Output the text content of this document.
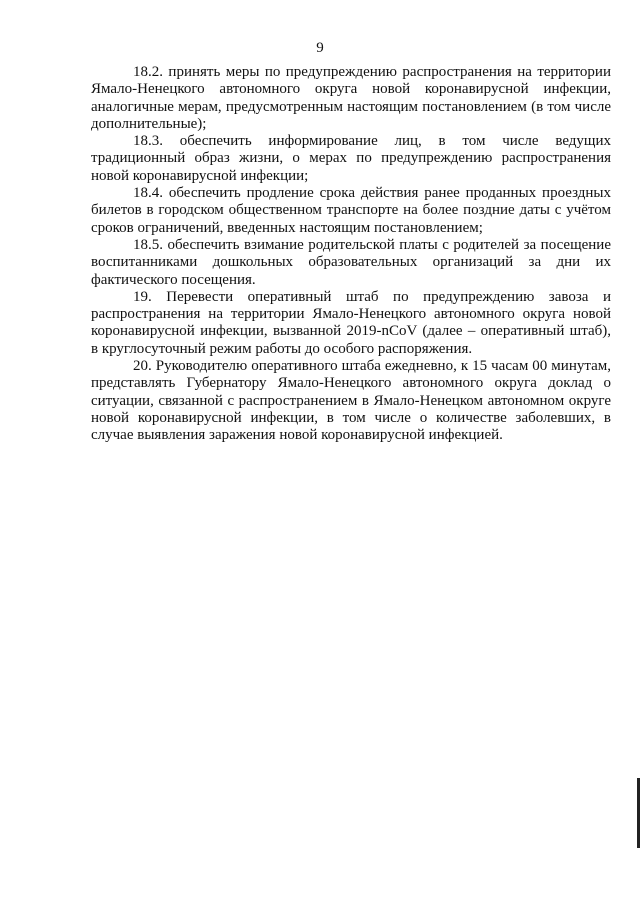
9

18.2. принять меры по предупреждению распространения на территории Ямало-Ненецкого автономного округа новой коронавирусной инфекции, аналогичные мерам, предусмотренным настоящим постановлением (в том числе дополнительные);

18.3. обеспечить информирование лиц, в том числе ведущих традиционный образ жизни, о мерах по предупреждению распространения новой коронавирусной инфекции;

18.4. обеспечить продление срока действия ранее проданных проездных билетов в городском общественном транспорте на более поздние даты с учётом сроков ограничений, введенных настоящим постановлением;

18.5. обеспечить взимание родительской платы с родителей за посещение воспитанниками дошкольных образовательных организаций за дни их фактического посещения.

19. Перевести оперативный штаб по предупреждению завоза и распространения на территории Ямало-Ненецкого автономного округа новой коронавирусной инфекции, вызванной 2019-nCoV (далее – оперативный штаб), в круглосуточный режим работы до особого распоряжения.

20. Руководителю оперативного штаба ежедневно, к 15 часам 00 минутам, представлять Губернатору Ямало-Ненецкого автономного округа доклад о ситуации, связанной с распространением в Ямало-Ненецком автономном округе новой коронавирусной инфекции, в том числе о количестве заболевших, в случае выявления заражения новой коронавирусной инфекцией.
